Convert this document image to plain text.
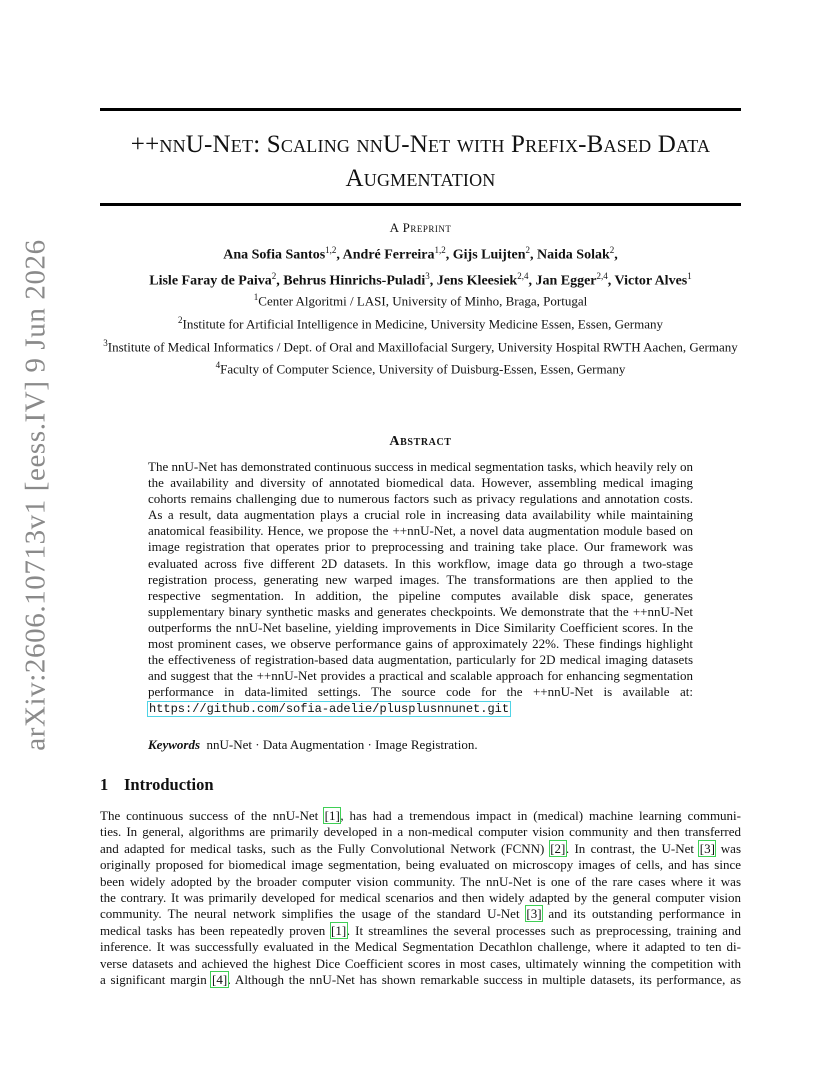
arXiv:2606.10713v1 [eess.IV] 9 Jun 2026
++nnU-Net: Scaling nnU-Net with Prefix-Based Data
Augmentation
A Preprint
Ana Sofia Santos$^{1,2}$, André Ferreira$^{1,2}$, Gijs Luijten$^2$, Naida Solak$^2$,
Lisle Faray de Paiva$^2$, Behrus Hinrichs-Puladi$^3$, Jens Kleesiek$^{2,4}$, Jan Egger$^{2,4}$, Victor Alves$^1$
$^1$Center Algoritmi / LASI, University of Minho, Braga, Portugal
$^2$Institute for Artificial Intelligence in Medicine, University Medicine Essen, Essen, Germany
$^3$Institute of Medical Informatics / Dept. of Oral and Maxillofacial Surgery, University Hospital RWTH Aachen, Germany
$^4$Faculty of Computer Science, University of Duisburg-Essen, Essen, Germany
Abstract
The nnU-Net has demonstrated continuous success in medical segmentation tasks, which heavily rely on the availability and diversity of annotated biomedical data. However, assembling medical imaging cohorts remains challenging due to numerous factors such as privacy regulations and annotation costs. As a result, data augmentation plays a crucial role in increasing data availability while maintaining anatomical feasibility. Hence, we propose the ++nnU-Net, a novel data augmentation module based on image registration that operates prior to preprocessing and training take place. Our framework was evaluated across five different 2D datasets. In this workflow, image data go through a two-stage registration process, generating new warped images. The transformations are then applied to the respective segmentation. In addition, the pipeline computes available disk space, generates supplementary binary synthetic masks and generates checkpoints. We demonstrate that the ++nnU-Net outperforms the nnU-Net baseline, yielding improvements in Dice Similarity Coefficient scores. In the most prominent cases, we observe performance gains of approximately 22%. These findings highlight the effectiveness of registration-based data augmentation, particularly for 2D medical imaging datasets and suggest that the ++nnU-Net provides a practical and scalable approach for enhancing segmentation performance in data-limited settings. The source code for the ++nnU-Net is available at: https://github.com/sofia-adelie/plusplusnnunet.git
Keywords nnU-Net · Data Augmentation · Image Registration.
1 Introduction
The continuous success of the nnU-Net [1], has had a tremendous impact in (medical) machine learning communi-
ties. In general, algorithms are primarily developed in a non-medical computer vision community and then transferred
and adapted for medical tasks, such as the Fully Convolutional Network (FCNN) [2]. In contrast, the U-Net [3] was
originally proposed for biomedical image segmentation, being evaluated on microscopy images of cells, and has since
been widely adopted by the broader computer vision community. The nnU-Net is one of the rare cases where it was
the contrary. It was primarily developed for medical scenarios and then widely adapted by the general computer vision
community. The neural network simplifies the usage of the standard U-Net [3] and its outstanding performance in
medical tasks has been repeatedly proven [1]. It streamlines the several processes such as preprocessing, training and
inference. It was successfully evaluated in the Medical Segmentation Decathlon challenge, where it adapted to ten di-
verse datasets and achieved the highest Dice Coefficient scores in most cases, ultimately winning the competition with
a significant margin [4]. Although the nnU-Net has shown remarkable success in multiple datasets, its performance, as
